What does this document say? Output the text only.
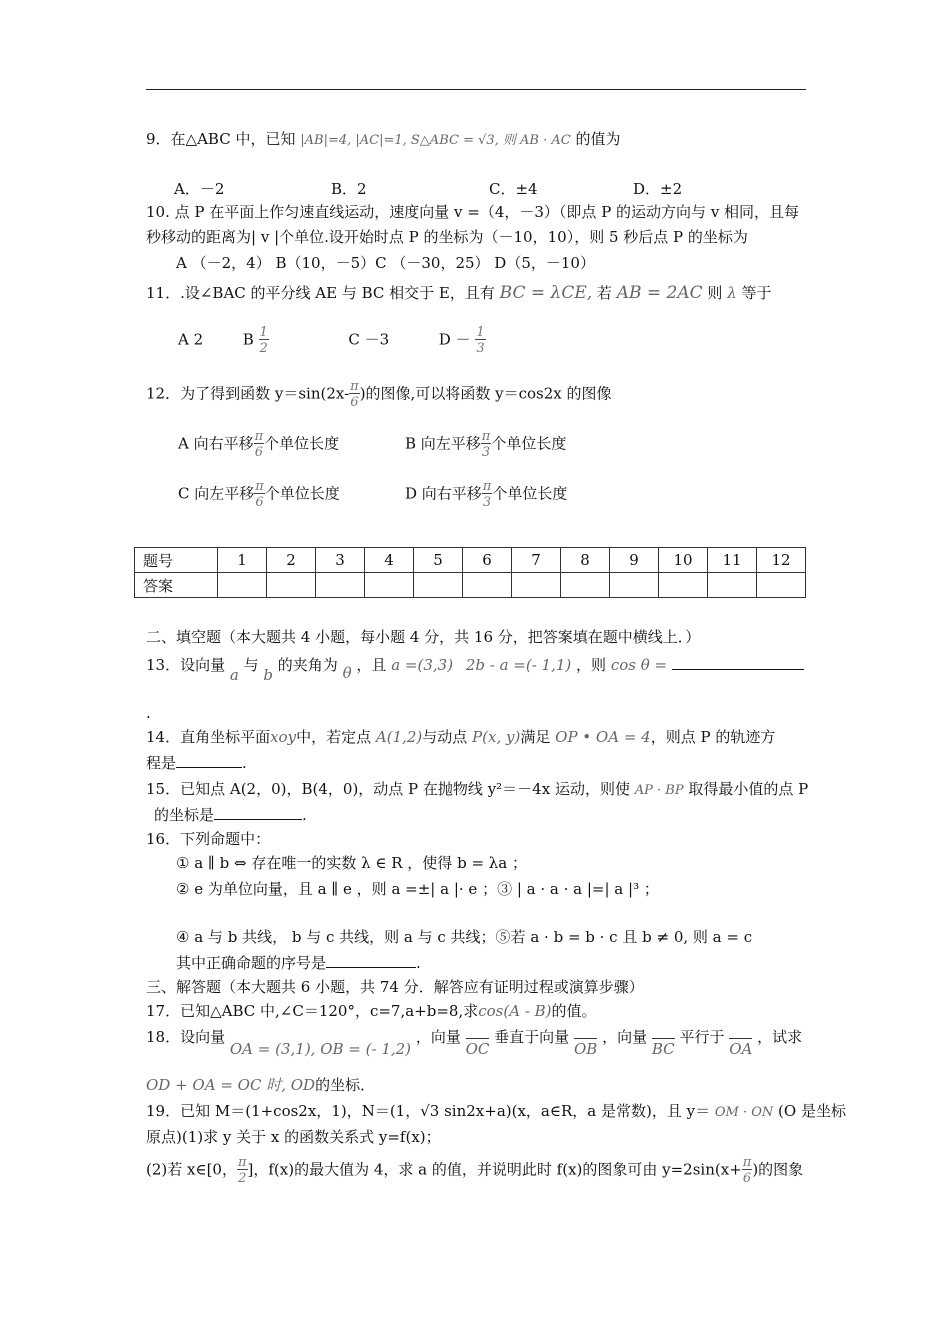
9．在△ABC 中，已知 |AB|=4, |AC|=1, S△ABC = √3, 则 AB · AC 的值为
A．－2	B．2	C．±4	D．±2
10. 点 P 在平面上作匀速直线运动，速度向量 v =（4，－3）（即点 P 的运动方向与 v 相同，且每
秒移动的距离为| v |个单位.设开始时点 P 的坐标为（－10，10），则 5 秒后点 P 的坐标为
A （－2，4） B（10，－5）C （－30，25） D（5，－10）
11．.设∠BAC 的平分线 AE 与 BC 相交于 E，且有 BC = λCE, 若 AB = 2AC 则 λ 等于
A 2	B $\frac{1}{2}$	C －3	$D - \frac{1}{3}$
12．为了得到函数 $y=\sin(2x- \frac{\pi}{6}$ )的图像,可以将函数 y＝cos2x 的图像
A 向右平移 $\frac{\pi}{6}$ 个单位长度	B 向左平移 $\frac{\pi}{3}$ 个单位长度
C 向左平移 $\frac{\pi}{6}$ 个单位长度	D 向右平移 $\frac{\pi}{3}$ 个单位长度
题号	1	2	3	4	5	6	7	8	9	10	11	12
答案												
二、填空题（本大题共 4 小题，每小题 4 分，共 16 分，把答案填在题中横线上．）
13．设向量 a 与 b 的夹角为 θ ，且 a =(3,3) 2b - a =(- 1,1) ，则 cos θ =
.
14．直角坐标平面xoy中，若定点 A(1,2)与动点 P(x, y)满足 OP • OA = 4，则点 P 的轨迹方
程是	.
15．已知点 A(2，0)，B(4，0)，动点 P 在抛物线 y²＝－4x 运动，则使 AP · BP 取得最小值的点 P
的坐标是	.
16．下列命题中：
① a ∥ b ⇔ 存在唯一的实数 λ ∈ R ，使得 b = λa ；
② e 为单位向量，且 a ∥ e ，则 a =±| a |· e ；③ | a · a · a |=| a |³ ；
④ a 与 b 共线， b 与 c 共线，则 a 与 c 共线；⑤若 a · b = b · c 且 b ≠ 0, 则 a = c
其中正确命题的序号是	.
三、解答题（本大题共 6 小题，共 74 分．解答应有证明过程或演算步骤）
17．已知△ABC 中,∠C＝120°，c=7,a+b=8,求cos(A - B)的值。
18．设向量 OA = (3,1), OB = (- 1,2) ，向量 OC 垂直于向量 OB ，向量 BC 平行于 OA ，试求
OD + OA = OC 时, OD的坐标．
19．已知 M＝(1+cos2x，1)，N＝(1，√3 sin2x+a)(x，a∈R，a 是常数)，且 y＝ OM · ON (O 是坐标
原点)(1)求 y 关于 x 的函数关系式 y=f(x)；
(2)若 x∈[0， $\frac{\pi}{2}$ ]，f(x)的最大值为 4，求 a 的值，并说明此时 f(x)的图象可由 $y=2\sin(x+ \frac{\pi}{6}$ )的图象
